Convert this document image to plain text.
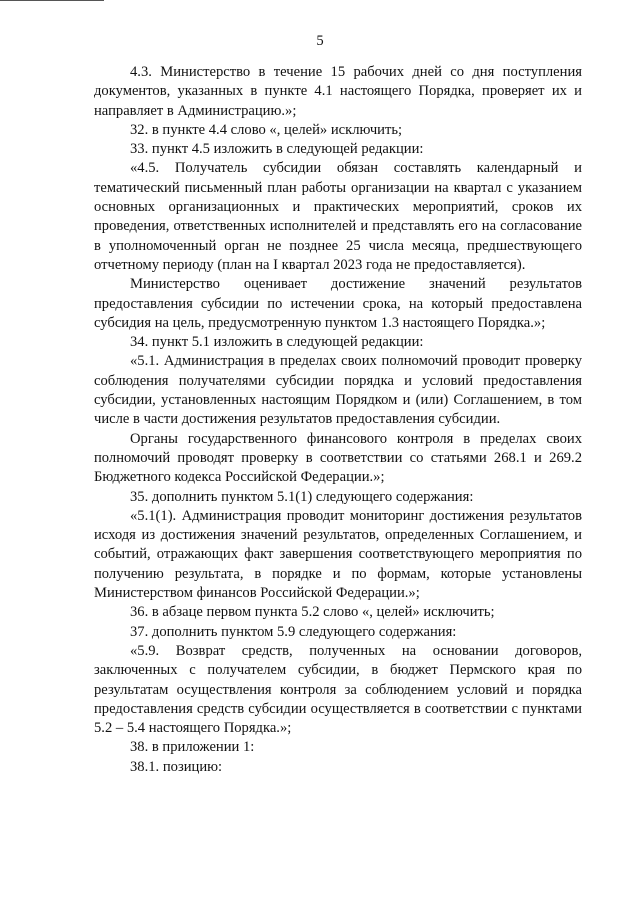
5

4.3. Министерство в течение 15 рабочих дней со дня поступления документов, указанных в пункте 4.1 настоящего Порядка, проверяет их и направляет в Администрацию.»;

32. в пункте 4.4 слово «, целей» исключить;

33. пункт 4.5 изложить в следующей редакции:

«4.5. Получатель субсидии обязан составлять календарный и тематический письменный план работы организации на квартал с указанием основных организационных и практических мероприятий, сроков их проведения, ответственных исполнителей и представлять его на согласование в уполномоченный орган не позднее 25 числа месяца, предшествующего отчетному периоду (план на I квартал 2023 года не предоставляется).

Министерство оценивает достижение значений результатов предоставления субсидии по истечении срока, на который предоставлена субсидия на цель, предусмотренную пунктом 1.3 настоящего Порядка.»;

34. пункт 5.1 изложить в следующей редакции:

«5.1. Администрация в пределах своих полномочий проводит проверку соблюдения получателями субсидии порядка и условий предоставления субсидии, установленных настоящим Порядком и (или) Соглашением, в том числе в части достижения результатов предоставления субсидии.

Органы государственного финансового контроля в пределах своих полномочий проводят проверку в соответствии со статьями 268.1 и 269.2 Бюджетного кодекса Российской Федерации.»;

35. дополнить пунктом 5.1(1) следующего содержания:

«5.1(1). Администрация проводит мониторинг достижения результатов исходя из достижения значений результатов, определенных Соглашением, и событий, отражающих факт завершения соответствующего мероприятия по получению результата, в порядке и по формам, которые установлены Министерством финансов Российской Федерации.»;

36. в абзаце первом пункта 5.2 слово «, целей» исключить;

37. дополнить пунктом 5.9 следующего содержания:

«5.9. Возврат средств, полученных на основании договоров, заключенных с получателем субсидии, в бюджет Пермского края по результатам осуществления контроля за соблюдением условий и порядка предоставления средств субсидии осуществляется в соответствии с пунктами 5.2 – 5.4 настоящего Порядка.»;

38. в приложении 1:

38.1. позицию:
